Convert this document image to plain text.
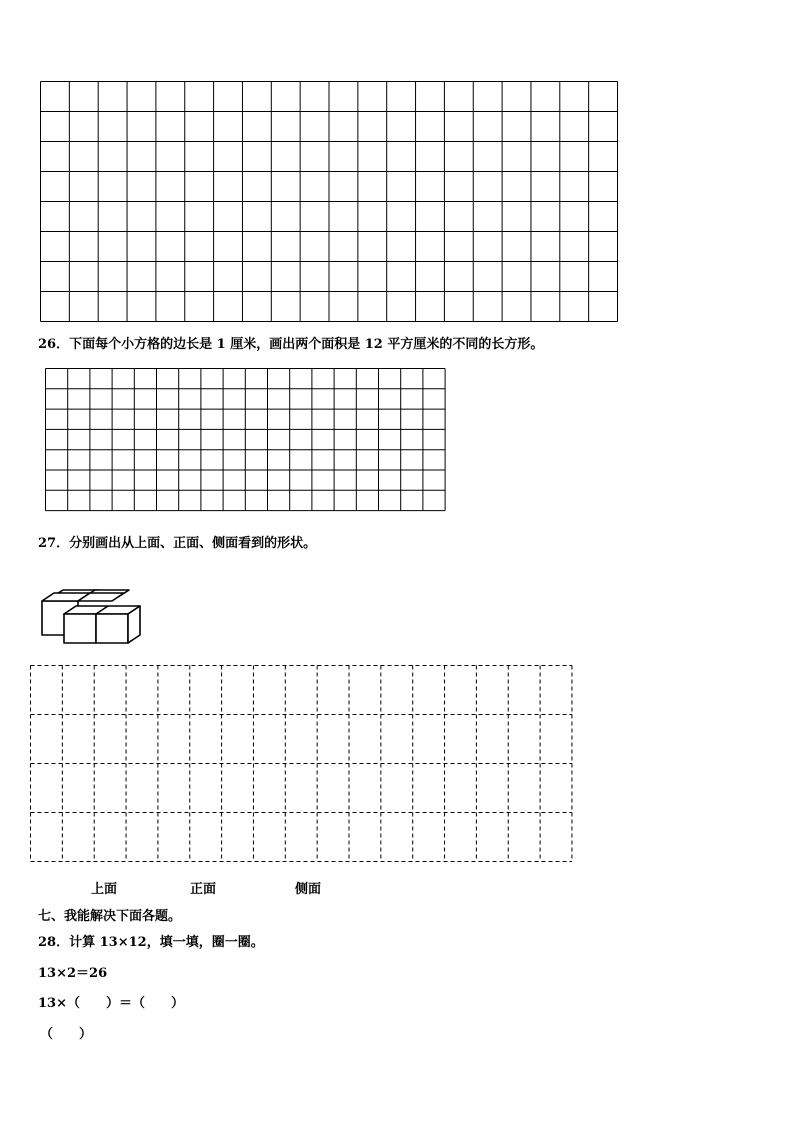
26．下面每个小方格的边长是 1 厘米，画出两个面积是 12 平方厘米的不同的长方形。
27．分别画出从上面、正面、侧面看到的形状。
上面	正面	侧面
七、我能解决下面各题。
28．计算 13×12，填一填，圈一圈。
13×2＝26
13×（　　）＝（　　）
（　　）
